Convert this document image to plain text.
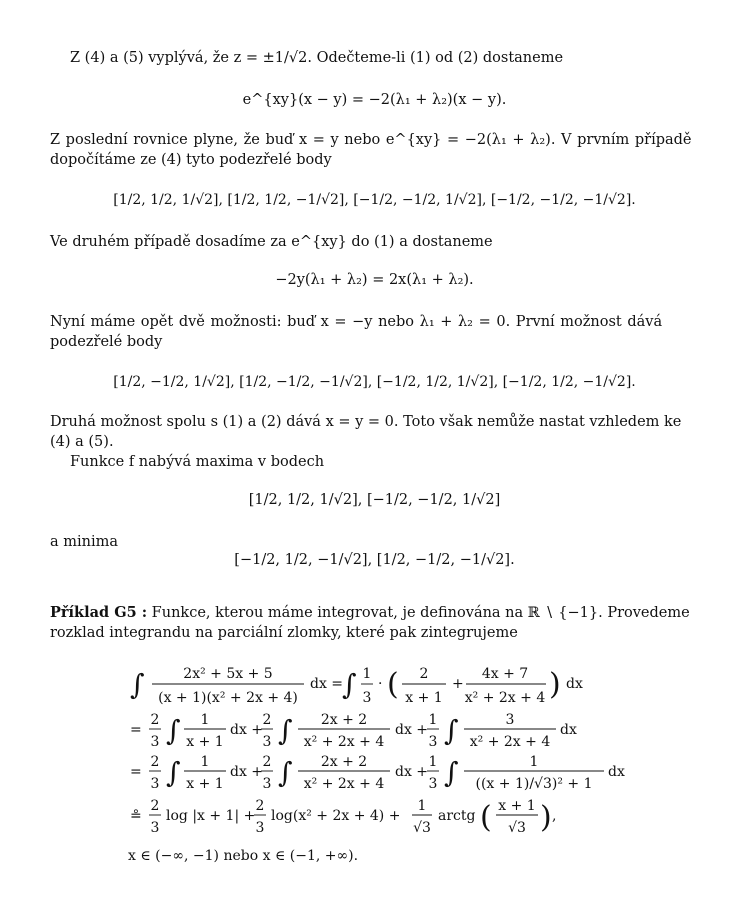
Z (4) a (5) vyplývá, že z = ±1/√2. Odečteme-li (1) od (2) dostaneme
e^{xy}(x − y) = −2(λ₁ + λ₂)(x − y).
Z poslední rovnice plyne, že buď x = y nebo e^{xy} = −2(λ₁ + λ₂). V prvním případě
dopočítáme ze (4) tyto podezřelé body
[1/2, 1/2, 1/√2], [1/2, 1/2, −1/√2], [−1/2, −1/2, 1/√2], [−1/2, −1/2, −1/√2].
Ve druhém případě dosadíme za e^{xy} do (1) a dostaneme
−2y(λ₁ + λ₂) = 2x(λ₁ + λ₂).
Nyní máme opět dvě možnosti: buď x = −y nebo λ₁ + λ₂ = 0. První možnost dává
podezřelé body
[1/2, −1/2, 1/√2], [1/2, −1/2, −1/√2], [−1/2, 1/2, 1/√2], [−1/2, 1/2, −1/√2].
Druhá možnost spolu s (1) a (2) dává x = y = 0. Toto však nemůže nastat vzhledem ke
(4) a (5).
Funkce f nabývá maxima v bodech
[1/2, 1/2, 1/√2], [−1/2, −1/2, 1/√2]
a minima
[−1/2, 1/2, −1/√2], [1/2, −1/2, −1/√2].
Příklad G5 : Funkce, kterou máme integrovat, je definována na ℝ ∖ {−1}. Provedeme
rozklad integrandu na parciální zlomky, které pak zintegrujeme
∫	2x² + 5x + 5
(x + 1)(x² + 2x + 4)
dx =
∫ 1
3
· ( 2
x + 1
+
4x + 7
x² + 2x + 4 ) dx
=
2
3 ∫ 1
x + 1
dx +
2
3 ∫ 2x + 2
x² + 2x + 4
dx +
1
3 ∫	3
x² + 2x + 4
dx
=
2
3 ∫ 1
x + 1
dx +
2
3 ∫ 2x + 2
x² + 2x + 4
dx +
1
3 ∫	1
((x + 1)/√3)² + 1
dx
≗
2
3
log |x + 1| +
2
3
log(x² + 2x + 4) +
1
√3
arctg ( x + 1
√3 ) ,
x ∈ (−∞, −1) nebo x ∈ (−1, +∞).
